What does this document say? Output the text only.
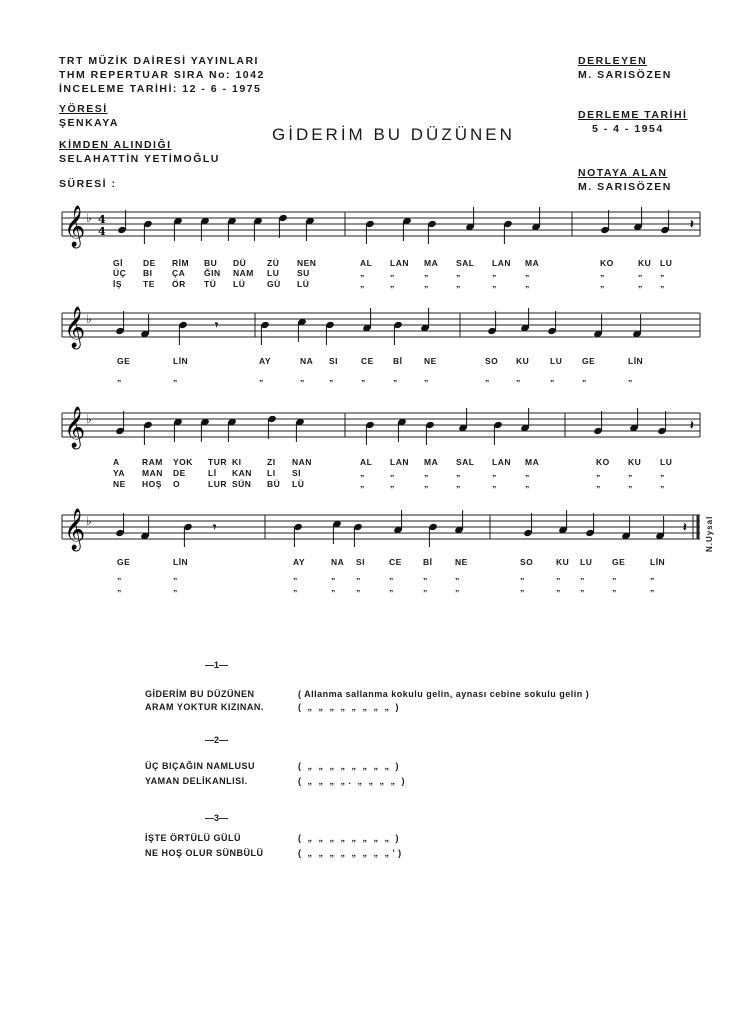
TRT MÜZİK DAİRESİ YAYINLARI
THM REPERTUAR SIRA No: 1042
İNCELEME TARİHİ: 12 - 6 - 1975
YÖRESİ
ŞENKAYA
KİMDEN ALINDIĞI
SELAHATTİN YETİMOĞLU
SÜRESİ :
DERLEYEN
M. SARISÖZEN
DERLEME TARİHİ
5 - 4 - 1954
NOTAYA ALAN
M. SARISÖZEN
GİDERİM BU DÜZÜNEN
𝄞 ♭ 4
4
𝄞 ♭
𝄞 ♭
𝄞 ♭
𝄽
𝄾
𝄽
𝄾	𝄽
Gİ DE RİM BU DÜ ZÜ NEN	AL LAN MA SAL LAN MA	KO	KU LU
ÜÇ BI ÇA ĞIN NAM LU SU	„	„	„	„	„	„	„	„ „
İŞ TE ÖR TÜ LÜ	GÜ LÜ	„	„	„	„	„	„	„	„ „
GE	LİN	AY	NA SI	CE Bİ	NE	SO KU LU GE	LİN
„	„	„	„	„	„	„	„	„	„	„	„	„
A	RAM YOK TUR KI	ZI NAN	AL LAN MA SAL LAN MA	KO KU LU
YA MAN DE	Lİ KAN LI SI	„	„	„	„	„	„	„	„	„
NE HOŞ O	LUR SÜN BÜ LÜ	„	„	„	„	„	„	„	„	„
GE	LİN	AY	NA SI	CE Bİ	NE	SO	KU LU GE	LİN
„	„	„	„ „	„	„	„	„	„ „	„	„
„	„	„	„ „	„	„	„	„	„ „	„	„
N.Uysal
—1—
GİDERİM BU DÜZÜNEN	( Allanma sallanma kokulu gelin, aynası cebine sokulu gelin )
ARAM YOKTUR KIZINAN.	(  „  „  „  „  „  „  „  „  )
—2—
ÜÇ BIÇAĞIN NAMLUSU	(  „  „  „  „  „  „  „  „  )
YAMAN DELİKANLISI.	(  „  „  „  „ .  „  „  „  „  )
—3—
İŞTE ÖRTÜLÜ GÜLÜ	(  „  „  „  „  „  „  „  „  )
NE HOŞ OLUR SÜNBÜLÜ	(  „  „  „  „  „  „  „  „ ' )
